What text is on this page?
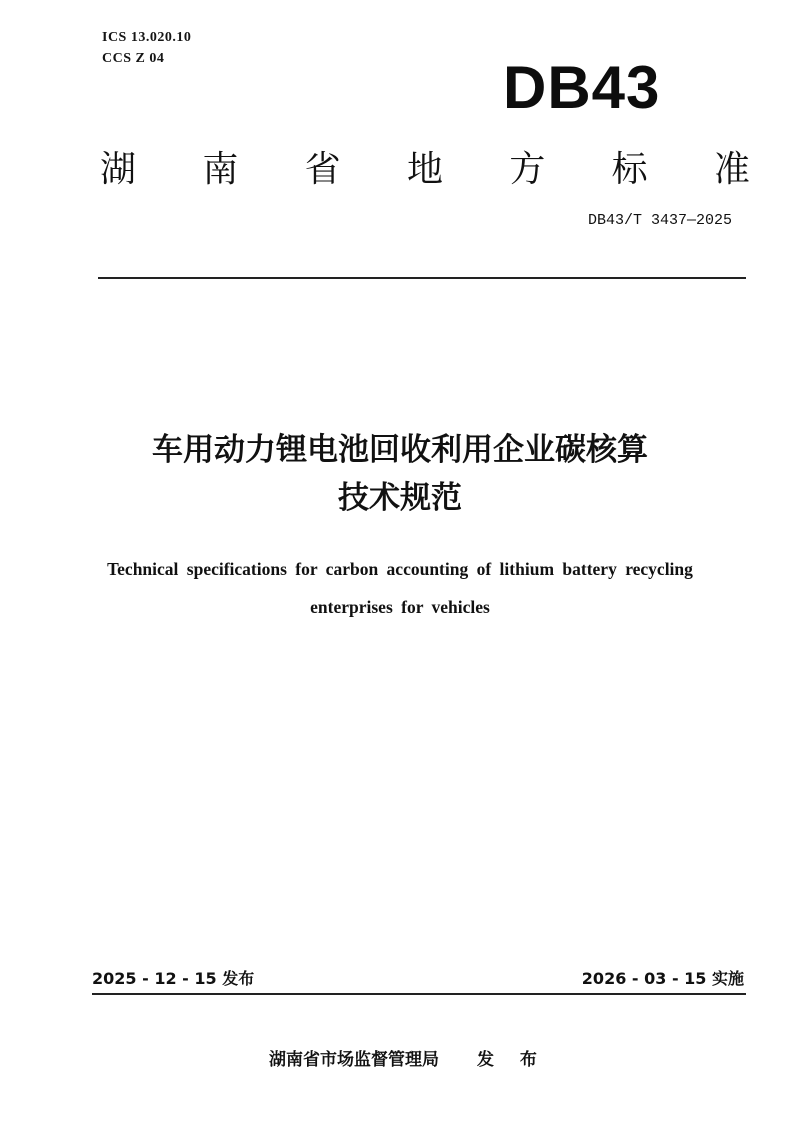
ICS 13.020.10
CCS Z 04	DB43
湖 南 省 地 方 标 准
DB43/T 3437—2025
车用动力锂电池回收利用企业碳核算
技术规范
Technical specifications for carbon accounting of lithium battery recycling
enterprises for vehicles
2025 - 12 - 15 发布	2026 - 03 - 15 实施
湖南省市场监督管理局 发 布
